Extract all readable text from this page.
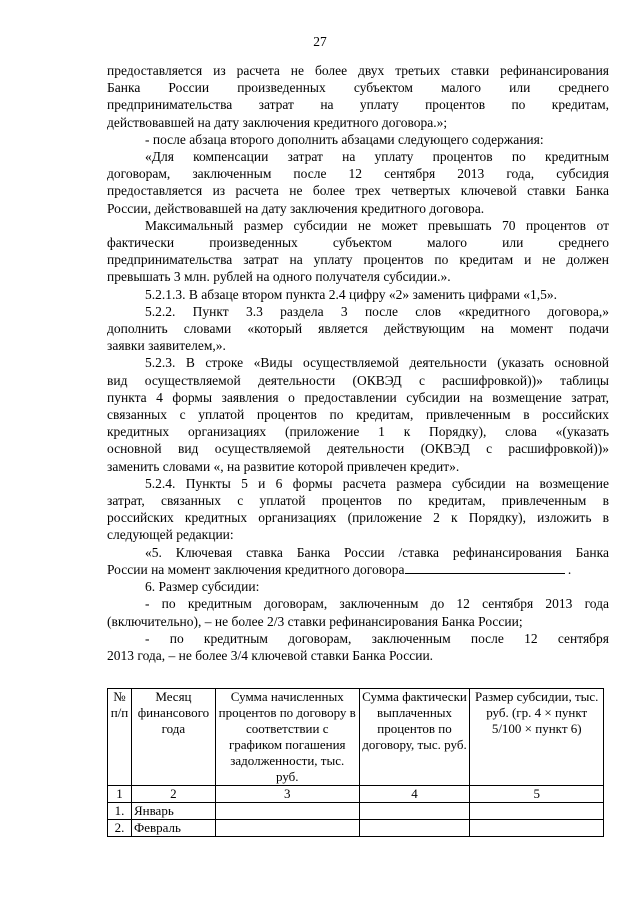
27

предоставляется из расчета не более двух третьих ставки рефинансирования
Банка России произведенных субъектом малого или среднего
предпринимательства затрат на уплату процентов по кредитам,
действовавшей на дату заключения кредитного договора.»;

- после абзаца второго дополнить абзацами следующего содержания:

«Для компенсации затрат на уплату процентов по кредитным
договорам, заключенным после 12 сентября 2013 года, субсидия
предоставляется из расчета не более трех четвертых ключевой ставки Банка
России, действовавшей на дату заключения кредитного договора.

Максимальный размер субсидии не может превышать 70 процентов от
фактически произведенных субъектом малого или среднего
предпринимательства затрат на уплату процентов по кредитам и не должен
превышать 3 млн. рублей на одного получателя субсидии.».

5.2.1.3. В абзаце втором пункта 2.4 цифру «2» заменить цифрами «1,5».

5.2.2. Пункт 3.3 раздела 3 после слов «кредитного договора,»
дополнить словами «который является действующим на момент подачи
заявки заявителем,».

5.2.3. В строке «Виды осуществляемой деятельности (указать основной
вид осуществляемой деятельности (ОКВЭД с расшифровкой))» таблицы
пункта 4 формы заявления о предоставлении субсидии на возмещение затрат,
связанных с уплатой процентов по кредитам, привлеченным в российских
кредитных организациях (приложение 1 к Порядку), слова «(указать
основной вид осуществляемой деятельности (ОКВЭД с расшифровкой))»
заменить словами «, на развитие которой привлечен кредит».

5.2.4. Пункты 5 и 6 формы расчета размера субсидии на возмещение
затрат, связанных с уплатой процентов по кредитам, привлеченным в
российских кредитных организациях (приложение 2 к Порядку), изложить в
следующей редакции:

«5. Ключевая ставка Банка России /ставка рефинансирования Банка
России на момент заключения кредитного договора	.

6. Размер субсидии:

- по кредитным договорам, заключенным до 12 сентября 2013 года
(включительно), – не более 2/3 ставки рефинансирования Банка России;

- по кредитным договорам, заключенным после 12 сентября
2013 года, – не более 3/4 ключевой ставки Банка России.

№ п/п	Месяц финансового года	Сумма начисленных процентов по договору в соответствии с графиком погашения задолженности, тыс. руб.	Сумма фактически выплаченных процентов по договору, тыс. руб.	Размер субсидии, тыс. руб. (гр. 4 × пункт 5/100 × пункт 6)
1	2	3	4	5
1.	Январь			
2.	Февраль			
